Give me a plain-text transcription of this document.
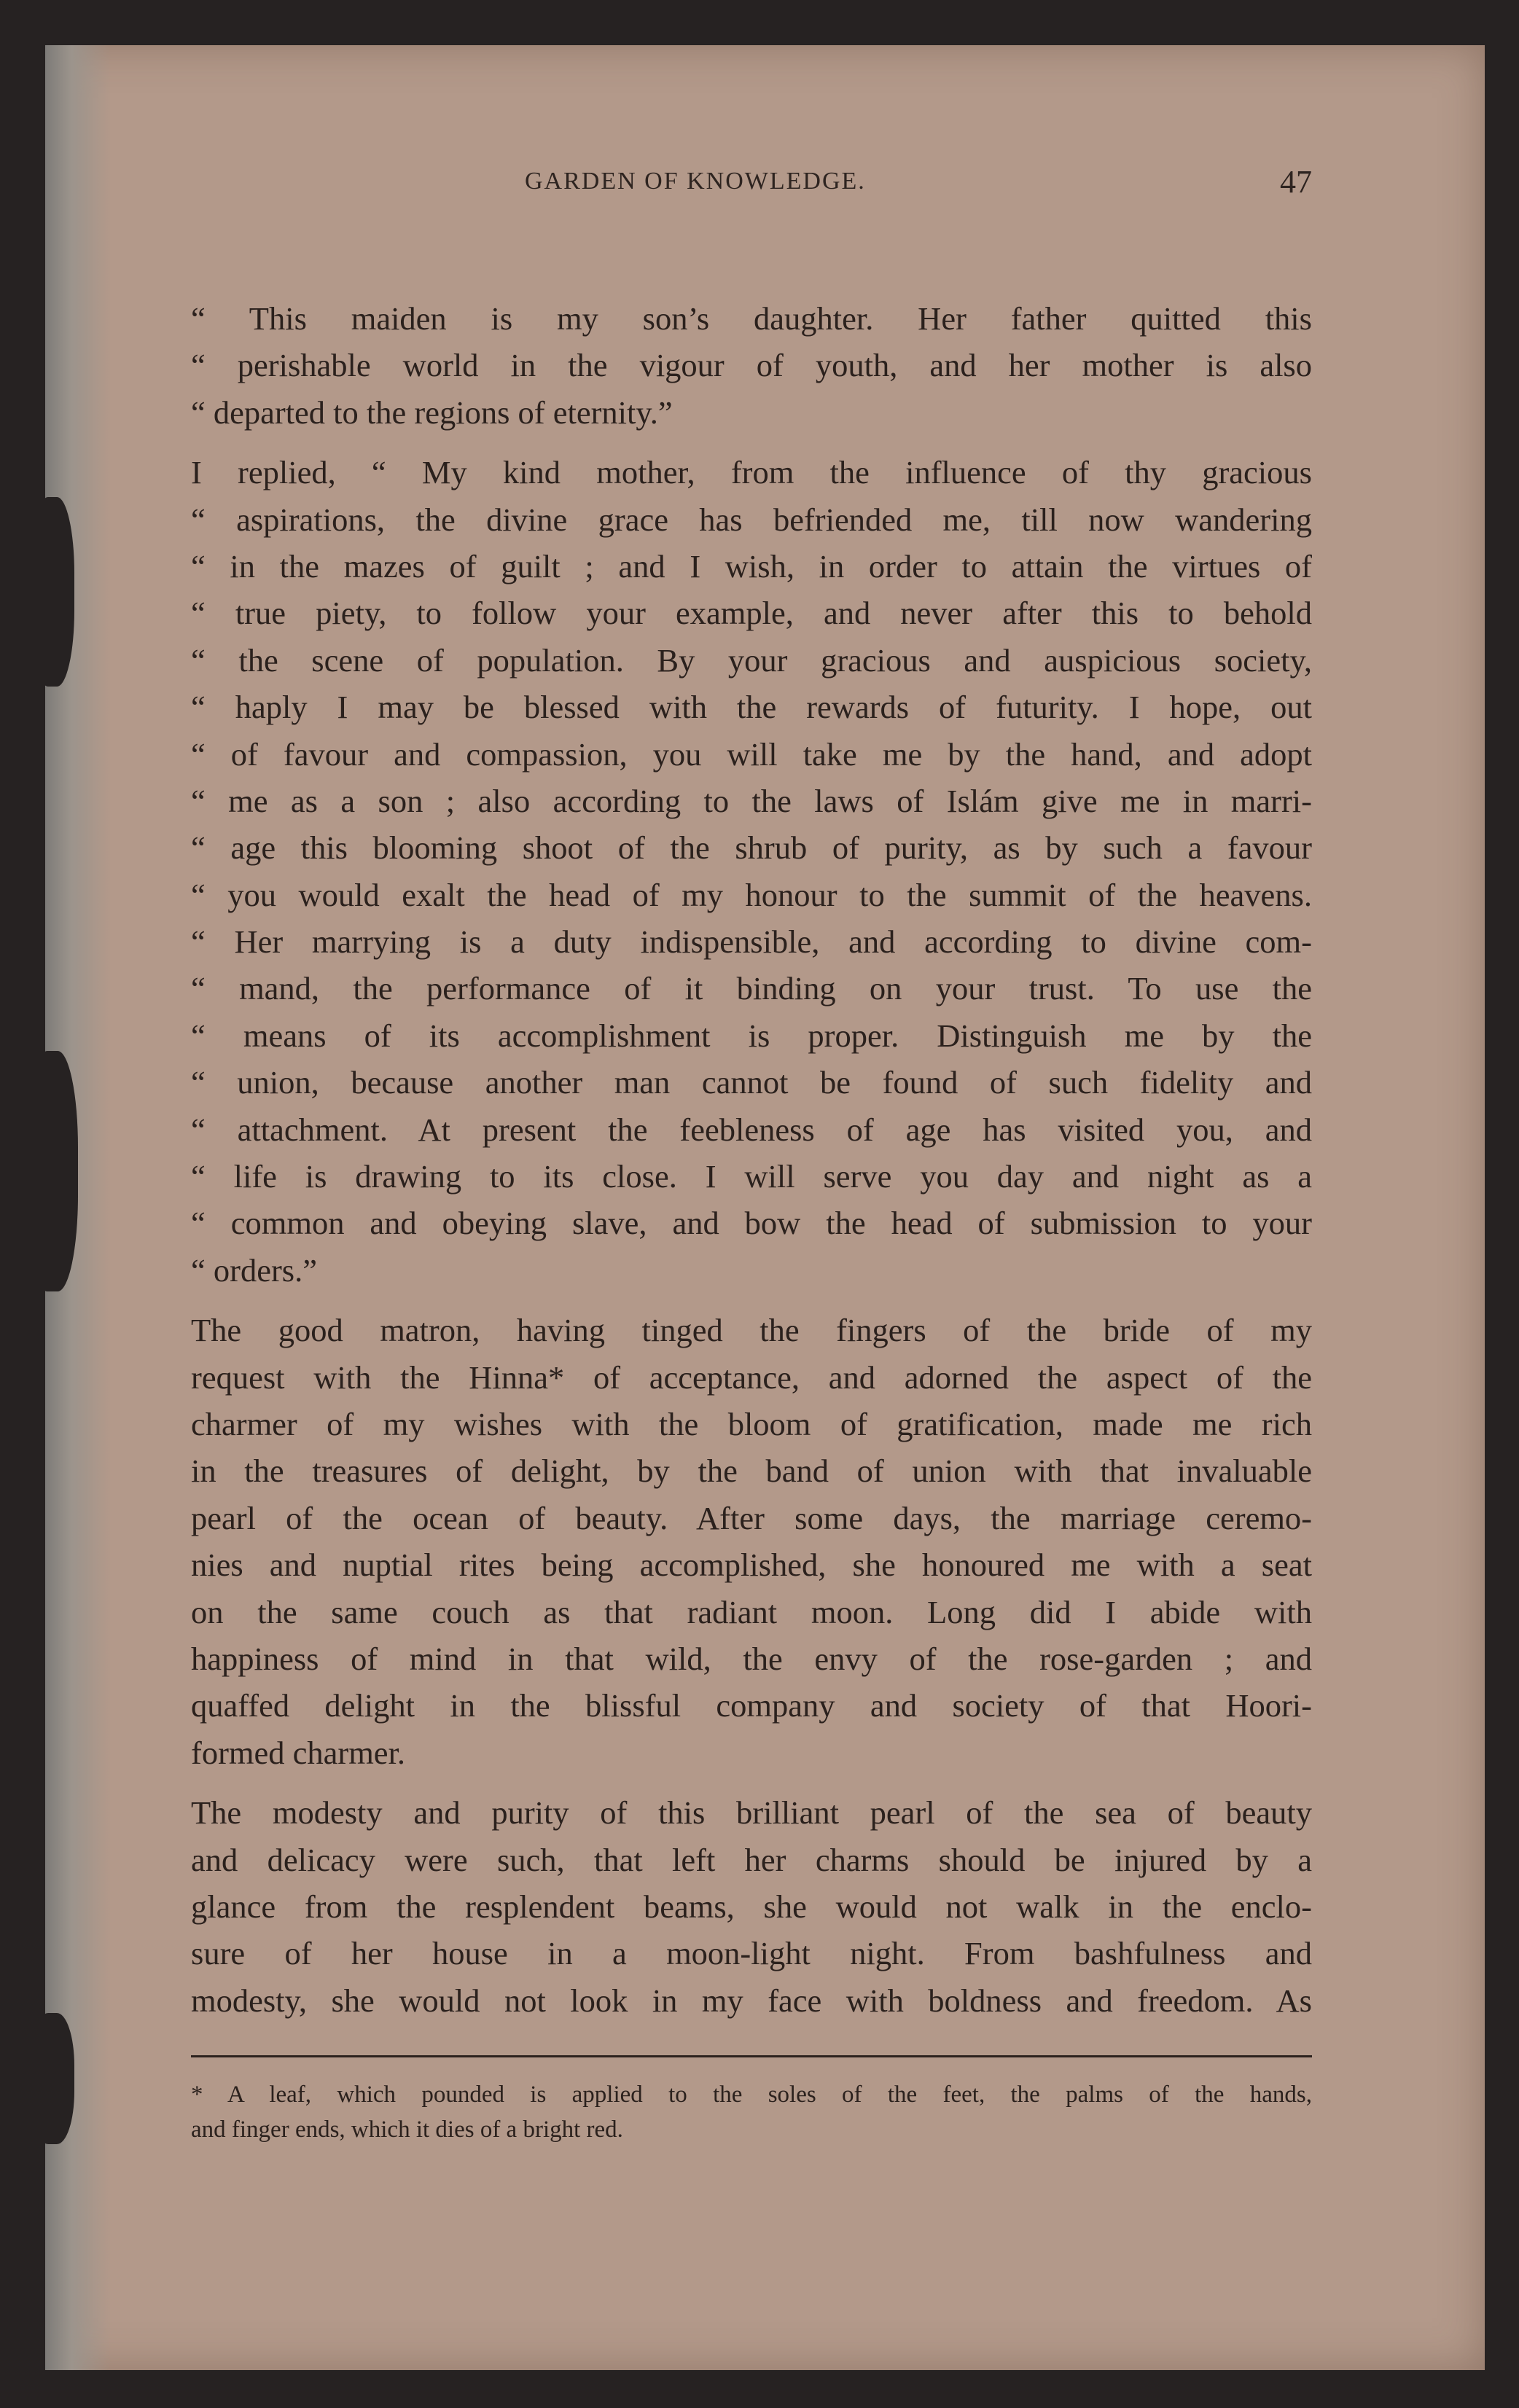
GARDEN OF KNOWLEDGE.	47
“ This maiden is my son’s daughter. Her father quitted this
“ perishable world in the vigour of youth, and her mother is also
“ departed to the regions of eternity.”
I replied, “ My kind mother, from the influence of thy gracious
“ aspirations, the divine grace has befriended me, till now wandering
“ in the mazes of guilt ; and I wish, in order to attain the virtues of
“ true piety, to follow your example, and never after this to behold
“ the scene of population. By your gracious and auspicious society,
“ haply I may be blessed with the rewards of futurity. I hope, out
“ of favour and compassion, you will take me by the hand, and adopt
“ me as a son ; also according to the laws of Islám give me in marri-
“ age this blooming shoot of the shrub of purity, as by such a favour
“ you would exalt the head of my honour to the summit of the heavens.
“ Her marrying is a duty indispensible, and according to divine com-
“ mand, the performance of it binding on your trust. To use the
“ means of its accomplishment is proper. Distinguish me by the
“ union, because another man cannot be found of such fidelity and
“ attachment. At present the feebleness of age has visited you, and
“ life is drawing to its close. I will serve you day and night as a
“ common and obeying slave, and bow the head of submission to your
“ orders.”
The good matron, having tinged the fingers of the bride of my
request with the Hinna* of acceptance, and adorned the aspect of the
charmer of my wishes with the bloom of gratification, made me rich
in the treasures of delight, by the band of union with that invaluable
pearl of the ocean of beauty. After some days, the marriage ceremo-
nies and nuptial rites being accomplished, she honoured me with a seat
on the same couch as that radiant moon. Long did I abide with
happiness of mind in that wild, the envy of the rose-garden ; and
quaffed delight in the blissful company and society of that Hoori-
formed charmer.
The modesty and purity of this brilliant pearl of the sea of beauty
and delicacy were such, that left her charms should be injured by a
glance from the resplendent beams, she would not walk in the enclo-
sure of her house in a moon-light night. From bashfulness and
modesty, she would not look in my face with boldness and freedom. As
* A leaf, which pounded is applied to the soles of the feet, the palms of the hands,
and finger ends, which it dies of a bright red.
